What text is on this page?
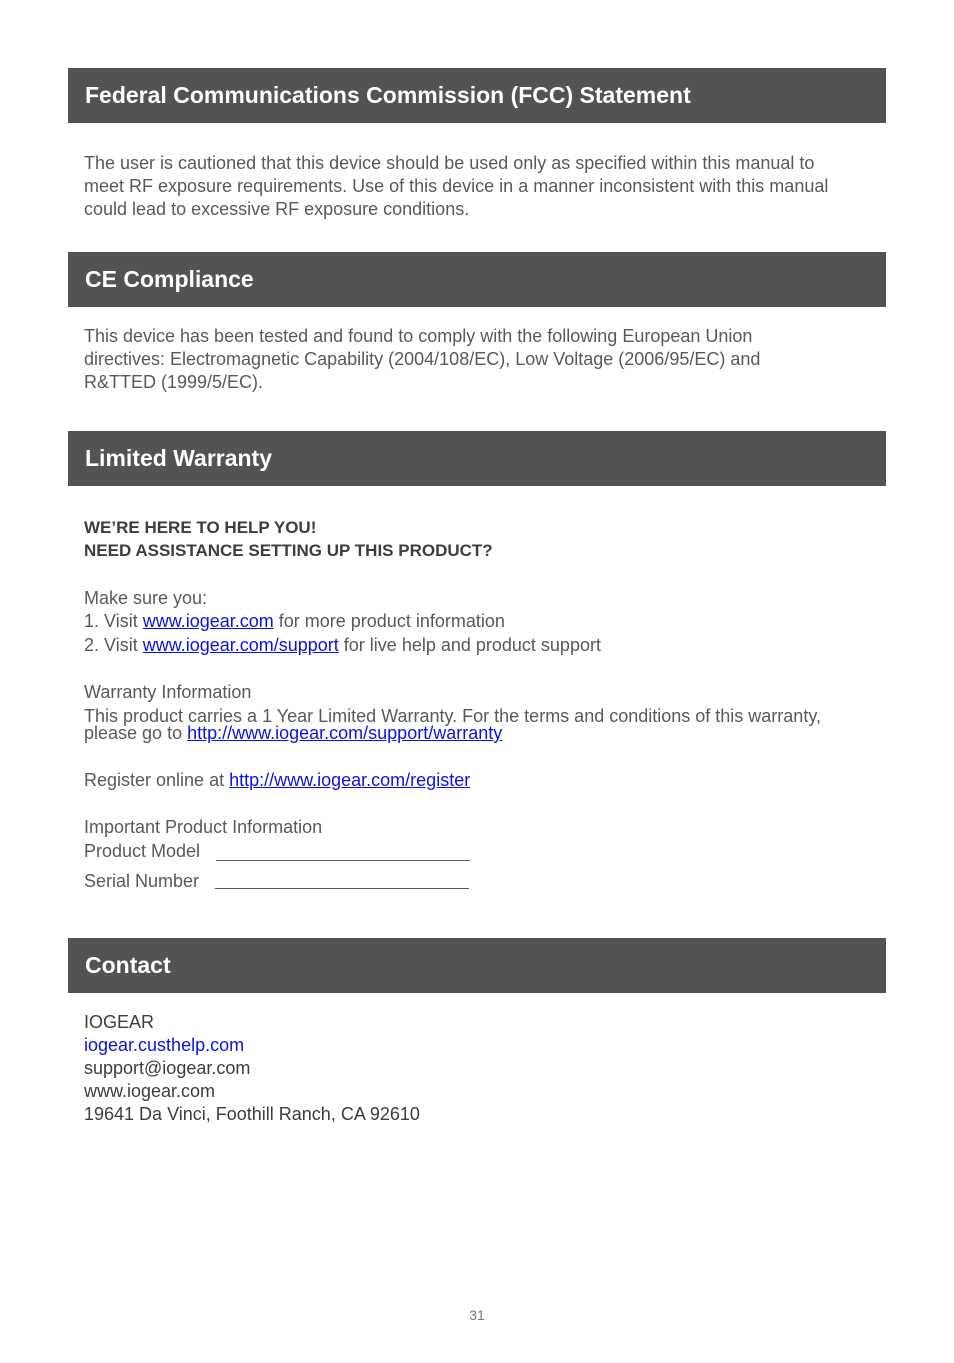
Federal Communications Commission (FCC) Statement
The user is cautioned that this device should be used only as specified within this manual to
meet RF exposure requirements. Use of this device in a manner inconsistent with this manual
could lead to excessive RF exposure conditions.
CE Compliance
This device has been tested and found to comply with the following European Union
directives: Electromagnetic Capability (2004/108/EC), Low Voltage (2006/95/EC) and
R&TTED (1999/5/EC).
Limited Warranty
WE’RE HERE TO HELP YOU!
NEED ASSISTANCE SETTING UP THIS PRODUCT?
Make sure you:
1. Visit www.iogear.com for more product information
2. Visit www.iogear.com/support for live help and product support
Warranty Information
This product carries a 1 Year Limited Warranty. For the terms and conditions of this warranty,
please go to http://www.iogear.com/support/warranty
Register online at http://www.iogear.com/register
Important Product Information
Product Model
Serial Number
Contact
IOGEAR
iogear.custhelp.com
support@iogear.com
www.iogear.com
19641 Da Vinci, Foothill Ranch, CA 92610
31
